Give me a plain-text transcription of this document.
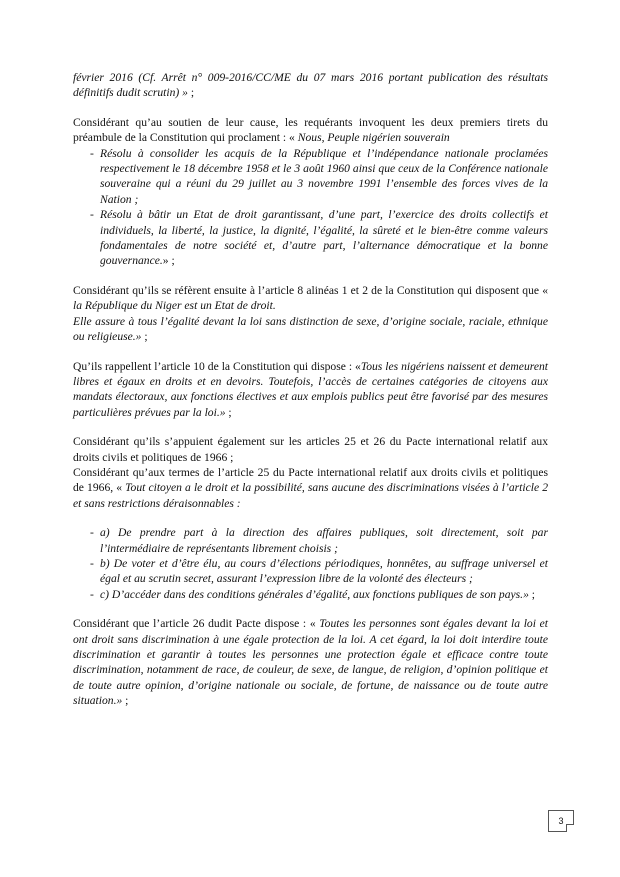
février 2016 (Cf. Arrêt n° 009-2016/CC/ME du 07 mars 2016 portant publication des résultats définitifs dudit scrutin) » ;

Considérant qu’au soutien de leur cause, les requérants invoquent les deux premiers tirets du préambule de la Constitution qui proclament : « Nous, Peuple nigérien souverain

- Résolu à consolider les acquis de la République et l’indépendance nationale proclamées respectivement le 18 décembre 1958 et le 3 août 1960 ainsi que ceux de la Conférence nationale souveraine qui a réuni du 29 juillet au 3 novembre 1991 l’ensemble des forces vives de la Nation ;
- Résolu à bâtir un Etat de droit garantissant, d’une part, l’exercice des droits collectifs et individuels, la liberté, la justice, la dignité, l’égalité, la sûreté et le bien-être comme valeurs fondamentales de notre société et, d’autre part, l’alternance démocratique et la bonne gouvernance.» ;

Considérant qu’ils se réfèrent ensuite à l’article 8 alinéas 1 et 2 de la Constitution qui disposent que « la République du Niger est un Etat de droit.

Elle assure à tous l’égalité devant la loi sans distinction de sexe, d’origine sociale, raciale, ethnique ou religieuse.» ;

Qu’ils rappellent l’article 10 de la Constitution qui dispose : «Tous les nigériens naissent et demeurent libres et égaux en droits et en devoirs. Toutefois, l’accès de certaines catégories de citoyens aux mandats électoraux, aux fonctions électives et aux emplois publics peut être favorisé par des mesures particulières prévues par la loi.» ;

Considérant qu’ils s’appuient également sur les articles 25 et 26 du Pacte international relatif aux droits civils et politiques de 1966 ;

Considérant qu’aux termes de l’article 25 du Pacte international relatif aux droits civils et politiques de 1966, « Tout citoyen a le droit et la possibilité, sans aucune des discriminations visées à l’article 2 et sans restrictions déraisonnables :

- a) De prendre part à la direction des affaires publiques, soit directement, soit par l’intermédiaire de représentants librement choisis ;
- b) De voter et d’être élu, au cours d’élections périodiques, honnêtes, au suffrage universel et égal et au scrutin secret, assurant l’expression libre de la volonté des électeurs ;
- c) D’accéder dans des conditions générales d’égalité, aux fonctions publiques de son pays.» ;

Considérant que l’article 26 dudit Pacte dispose : « Toutes les personnes sont égales devant la loi et ont droit sans discrimination à une égale protection de la loi. A cet égard, la loi doit interdire toute discrimination et garantir à toutes les personnes une protection égale et efficace contre toute discrimination, notamment de race, de couleur, de sexe, de langue, de religion, d’opinion politique et de toute autre opinion, d’origine nationale ou sociale, de fortune, de naissance ou de toute autre situation.» ;

3
